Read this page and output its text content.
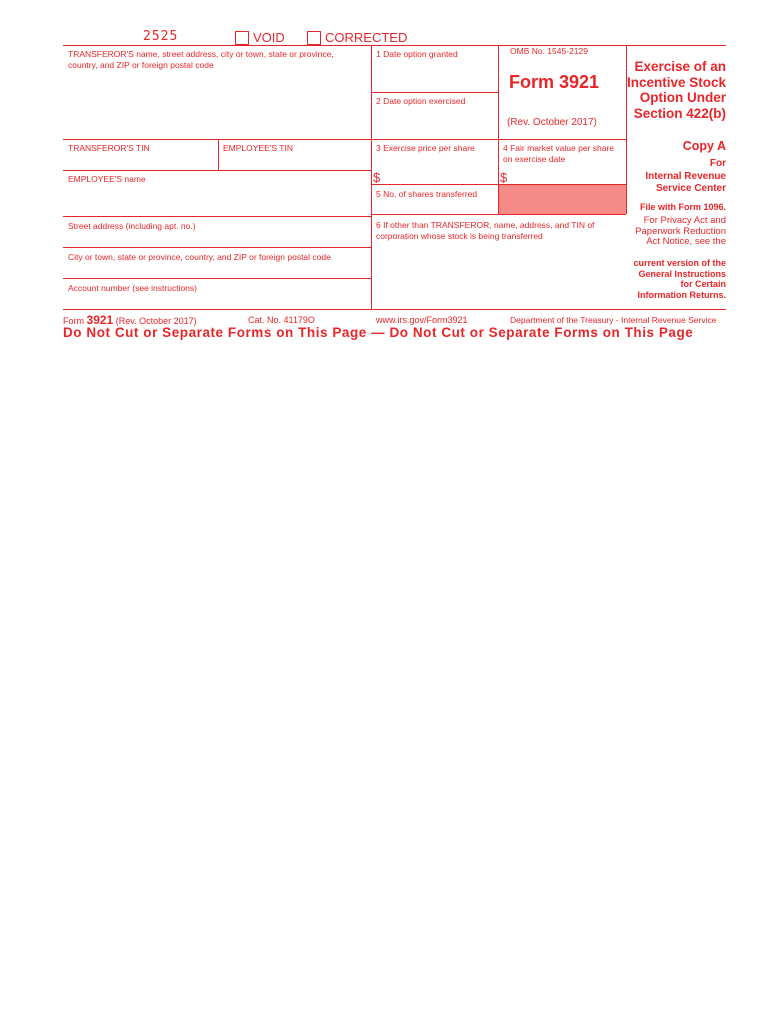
2525	VOID	CORRECTED
TRANSFEROR'S name, street address, city or town, state or province, country, and ZIP or foreign postal code
TRANSFEROR'S TIN	EMPLOYEE'S TIN
EMPLOYEE'S name
Street address (including apt. no.)
City or town, state or province, country, and ZIP or foreign postal code
Account number (see instructions)
1 Date option granted
2 Date option exercised
3 Exercise price per share
$
4 Fair market value per share on exercise date
$
5 No. of shares transferred
6 If other than TRANSFEROR, name, address, and TIN of corporation whose stock is being transferred
OMB No. 1545-2129
Form 3921
(Rev. October 2017)
Exercise of an Incentive Stock Option Under Section 422(b)
Copy A
For
Internal Revenue Service Center
File with Form 1096.
For Privacy Act and Paperwork Reduction Act Notice, see the
current version of the General Instructions for Certain Information Returns.
Form 3921 (Rev. October 2017)	Cat. No. 41179O	www.irs.gov/Form3921	Department of the Treasury - Internal Revenue Service
Do Not Cut or Separate Forms on This Page — Do Not Cut or Separate Forms on This Page
